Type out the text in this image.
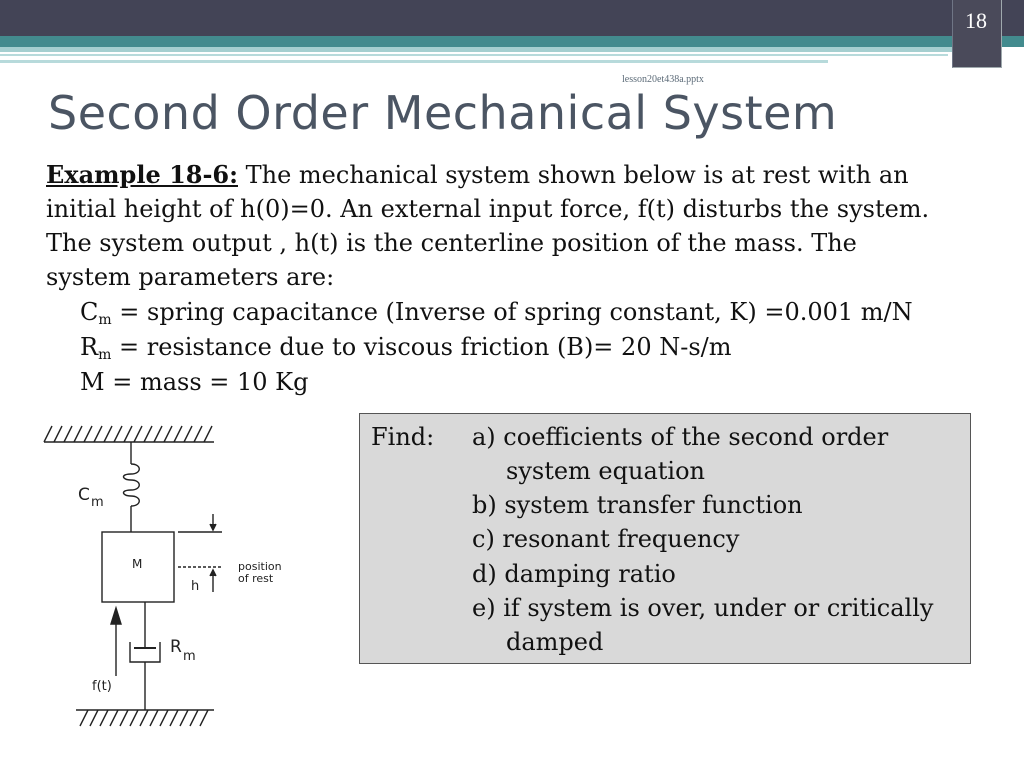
18
lesson20et438a.pptx
Second Order Mechanical System
Example 18-6: The mechanical system shown below is at rest with an
initial height of h(0)=0. An external input force, f(t) disturbs the system.
The system output , h(t) is the centerline position of the mass. The
system parameters are:
$C_m$ = spring capacitance (Inverse of spring constant, K) =0.001 m/N
$R_m$ = resistance due to viscous friction (B)= 20 N-s/m
M = mass = 10 Kg
Find: a) coefficients of the second order
system equation
b) system transfer function
c) resonant frequency
d) damping ratio
e) if system is over, under or critically
damped
C m
M	position
of rest
h
f(t)
R m
